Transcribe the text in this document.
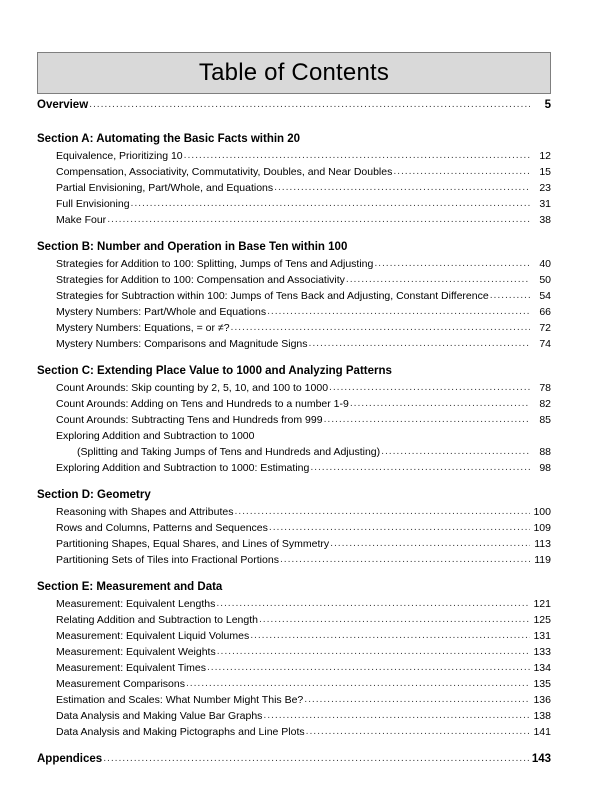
Table of Contents
Overview .....	5
Section A: Automating the Basic Facts within 20
Equivalence, Prioritizing 10 .....	12
Compensation, Associativity, Commutativity, Doubles, and Near Doubles .....	15
Partial Envisioning, Part/Whole, and Equations .....	23
Full Envisioning .....	31
Make Four .....	38
Section B: Number and Operation in Base Ten within 100
Strategies for Addition to 100: Splitting, Jumps of Tens and Adjusting .....	40
Strategies for Addition to 100: Compensation and Associativity .....	50
Strategies for Subtraction within 100: Jumps of Tens Back and Adjusting, Constant Difference .....	54
Mystery Numbers: Part/Whole and Equations .....	66
Mystery Numbers: Equations, = or ≠? .....	72
Mystery Numbers: Comparisons and Magnitude Signs .....	74
Section C: Extending Place Value to 1000 and Analyzing Patterns
Count Arounds: Skip counting by 2, 5, 10, and 100 to 1000 .....	78
Count Arounds: Adding on Tens and Hundreds to a number 1-9 .....	82
Count Arounds: Subtracting Tens and Hundreds from 999 .....	85
Exploring Addition and Subtraction to 1000
(Splitting and Taking Jumps of Tens and Hundreds and Adjusting) .....	88
Exploring Addition and Subtraction to 1000: Estimating .....	98
Section D: Geometry
Reasoning with Shapes and Attributes .....	100
Rows and Columns, Patterns and Sequences .....	109
Partitioning Shapes, Equal Shares, and Lines of Symmetry .....	113
Partitioning Sets of Tiles into Fractional Portions .....	119
Section E: Measurement and Data
Measurement: Equivalent Lengths .....	121
Relating Addition and Subtraction to Length .....	125
Measurement: Equivalent Liquid Volumes .....	131
Measurement: Equivalent Weights .....	133
Measurement: Equivalent Times .....	134
Measurement Comparisons .....	135
Estimation and Scales: What Number Might This Be? .....	136
Data Analysis and Making Value Bar Graphs .....	138
Data Analysis and Making Pictographs and Line Plots .....	141
Appendices .....	143
